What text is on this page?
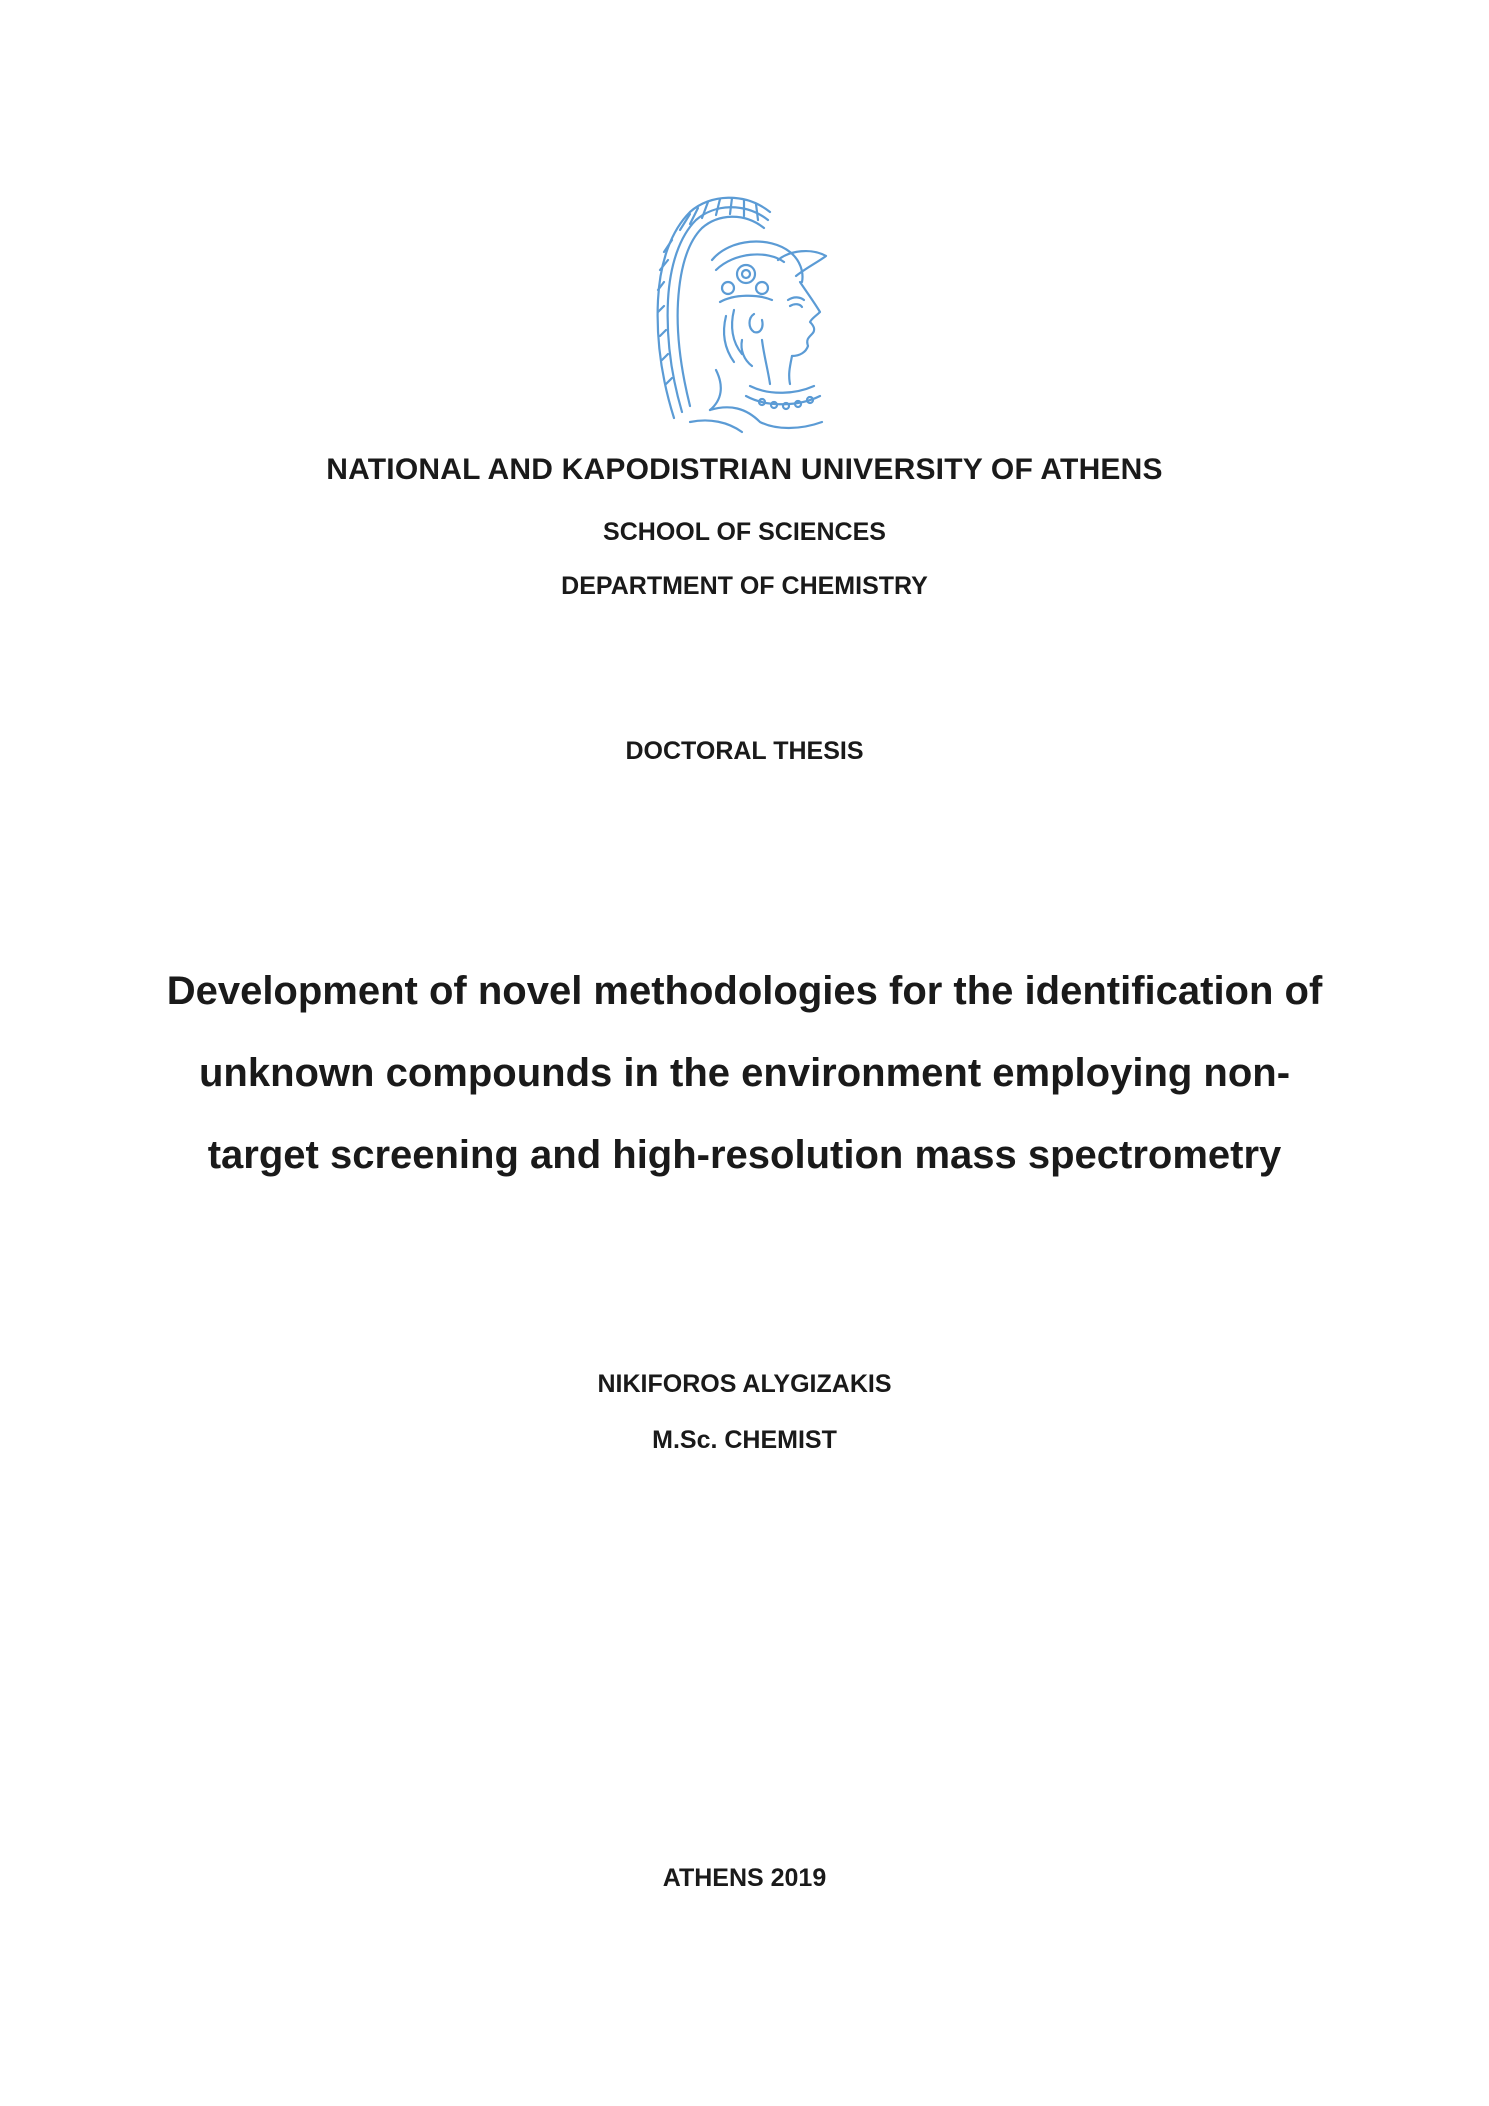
NATIONAL AND KAPODISTRIAN UNIVERSITY OF ATHENS
SCHOOL OF SCIENCES
DEPARTMENT OF CHEMISTRY
DOCTORAL THESIS
Development of novel methodologies for the identification of
unknown compounds in the environment employing non-
target screening and high-resolution mass spectrometry
NIKIFOROS ALYGIZAKIS
M.Sc. CHEMIST
ATHENS 2019
